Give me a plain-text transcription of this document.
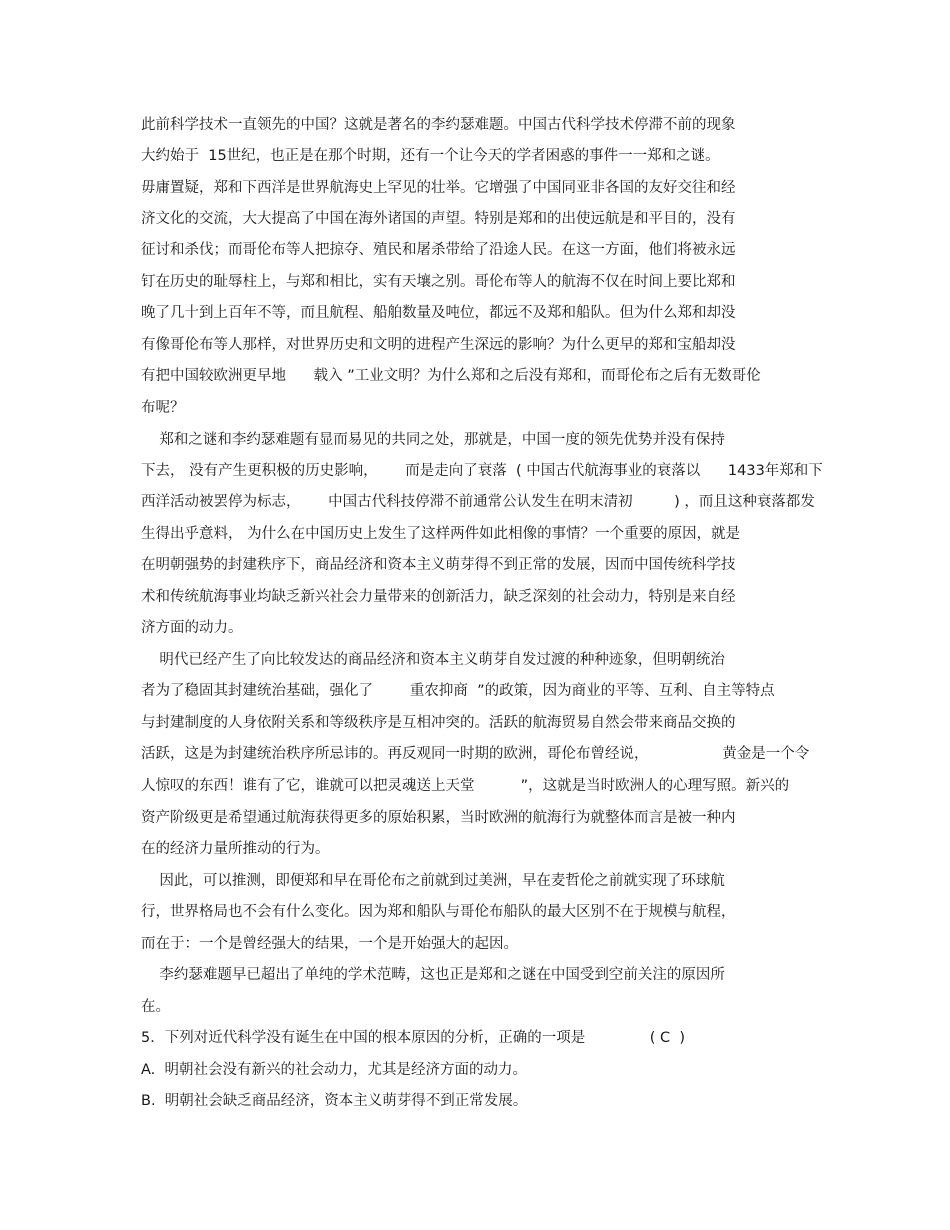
此前科学技术一直领先的中国？这就是著名的李约瑟难题。中国古代科学技术停滞不前的现象
大约始于  15世纪，也正是在那个时期，还有一个让今天的学者困惑的事件一一郑和之谜。
毋庸置疑，郑和下西洋是世界航海史上罕见的壮举。它增强了中国同亚非各国的友好交往和经
济文化的交流，大大提高了中国在海外诸国的声望。特别是郑和的出使远航是和平目的，没有
征讨和杀伐；而哥伦布等人把掠夺、殖民和屠杀带给了沿途人民。在这一方面，他们将被永远
钉在历史的耻辱柱上，与郑和相比，实有天壤之别。哥伦布等人的航海不仅在时间上要比郑和
晚了几十到上百年不等，而且航程、船舶数量及吨位，都远不及郑和船队。但为什么郑和却没
有像哥伦布等人那样，对世界历史和文明的进程产生深远的影响？为什么更早的郑和宝船却没
有把中国较欧洲更早地      载入 ”工业文明？为什么郑和之后没有郑和，而哥伦布之后有无数哥伦
布呢？
郑和之谜和李约瑟难题有显而易见的共同之处，那就是，中国一度的领先优势并没有保持
下去， 没有产生更积极的历史影响，      而是走向了衰落  ( 中国古代航海事业的衰落以      1433年郑和下
西洋活动被罢停为标志，      中国古代科技停滞不前通常公认发生在明末清初         ) ，而且这种衰落都发
生得出乎意料， 为什么在中国历史上发生了这样两件如此相像的事情？一个重要的原因，就是
在明朝强势的封建秩序下，商品经济和资本主义萌芽得不到正常的发展，因而中国传统科学技
术和传统航海事业均缺乏新兴社会力量带来的创新活力，缺乏深刻的社会动力，特别是来自经
济方面的动力。
明代已经产生了向比较发达的商品经济和资本主义萌芽自发过渡的种种迹象，但明朝统治
者为了稳固其封建统治基础，强化了        重农抑商  ”的政策，因为商业的平等、互利、自主等特点
与封建制度的人身依附关系和等级秩序是互相冲突的。活跃的航海贸易自然会带来商品交换的
活跃，这是为封建统治秩序所忌讳的。再反观同一时期的欧洲，哥伦布曾经说，                黄金是一个令
人惊叹的东西！谁有了它，谁就可以把灵魂送上天堂          ”，这就是当时欧洲人的心理写照。新兴的
资产阶级更是希望通过航海获得更多的原始积累，当时欧洲的航海行为就整体而言是被一种内
在的经济力量所推动的行为。
因此，可以推测，即便郑和早在哥伦布之前就到过美洲，早在麦哲伦之前就实现了环球航
行，世界格局也不会有什么变化。因为郑和船队与哥伦布船队的最大区别不在于规模与航程，
而在于：一个是曾经强大的结果，一个是开始强大的起因。
李约瑟难题早已超出了单纯的学术范畴，这也正是郑和之谜在中国受到空前关注的原因所
在。
5．下列对近代科学没有诞生在中国的根本原因的分析，正确的一项是              ( C  )
A.  明朝社会没有新兴的社会动力，尤其是经济方面的动力。
B.  明朝社会缺乏商品经济，资本主义萌芽得不到正常发展。
